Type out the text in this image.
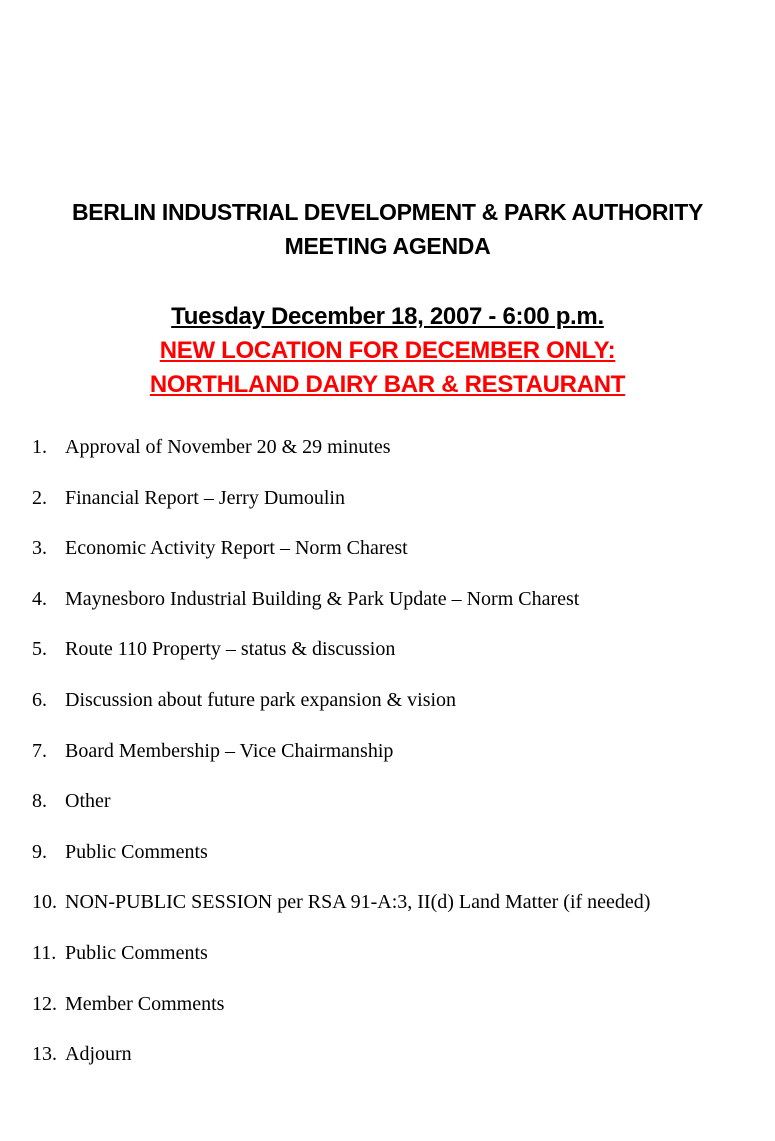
BERLIN INDUSTRIAL DEVELOPMENT & PARK AUTHORITY
MEETING AGENDA
Tuesday December 18, 2007 - 6:00 p.m.
NEW LOCATION FOR DECEMBER ONLY:
NORTHLAND DAIRY BAR & RESTAURANT
1. Approval of November 20 & 29 minutes
2. Financial Report – Jerry Dumoulin
3. Economic Activity Report – Norm Charest
4. Maynesboro Industrial Building & Park Update – Norm Charest
5. Route 110 Property – status & discussion
6. Discussion about future park expansion & vision
7. Board Membership – Vice Chairmanship
8. Other
9. Public Comments
10. NON-PUBLIC SESSION per RSA 91-A:3, II(d) Land Matter (if needed)
11. Public Comments
12. Member Comments
13. Adjourn
